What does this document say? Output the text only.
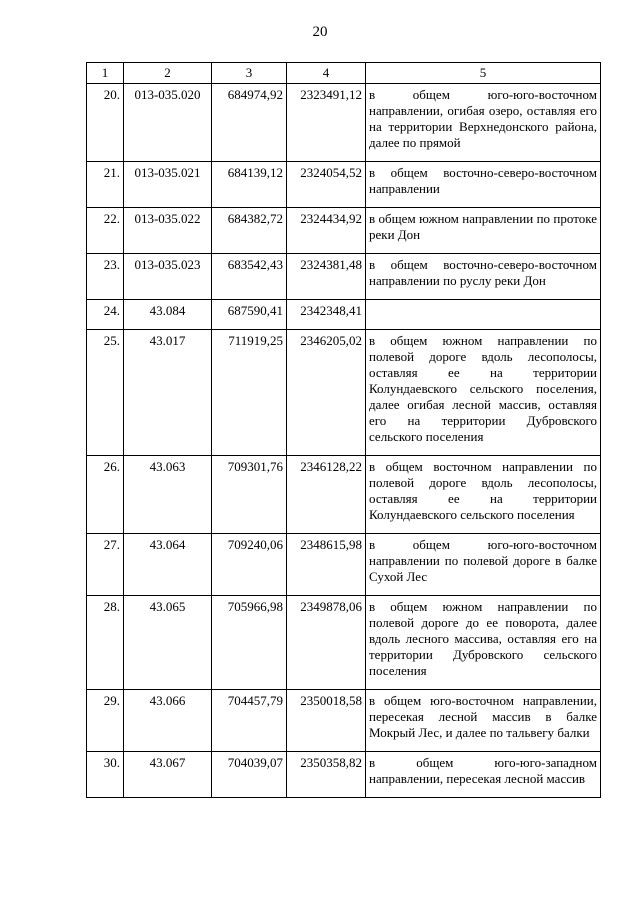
20
1	2	3	4	5
20.	013-035.020	684974,92	2323491,12	в общем юго-юго-восточном направлении, огибая озеро, оставляя его на территории Верхнедонского района, далее по прямой
21.	013-035.021	684139,12	2324054,52	в общем восточно-северо-восточном направлении
22.	013-035.022	684382,72	2324434,92	в общем южном направлении по протоке реки Дон
23.	013-035.023	683542,43	2324381,48	в общем восточно-северо-восточном направлении по руслу реки Дон
24.	43.084	687590,41	2342348,41	
25.	43.017	711919,25	2346205,02	в общем южном направлении по полевой дороге вдоль лесополосы, оставляя ее на территории Колундаевского сельского поселения, далее огибая лесной массив, оставляя его на территории Дубровского сельского поселения
26.	43.063	709301,76	2346128,22	в общем восточном направлении по полевой дороге вдоль лесополосы, оставляя ее на территории Колундаевского сельского поселения
27.	43.064	709240,06	2348615,98	в общем юго-юго-восточном направлении по полевой дороге в балке Сухой Лес
28.	43.065	705966,98	2349878,06	в общем южном направлении по полевой дороге до ее поворота, далее вдоль лесного массива, оставляя его на территории Дубровского сельского поселения
29.	43.066	704457,79	2350018,58	в общем юго-восточном направлении, пересекая лесной массив в балке Мокрый Лес, и далее по тальвегу балки
30.	43.067	704039,07	2350358,82	в общем юго-юго-западном направлении, пересекая лесной массив
